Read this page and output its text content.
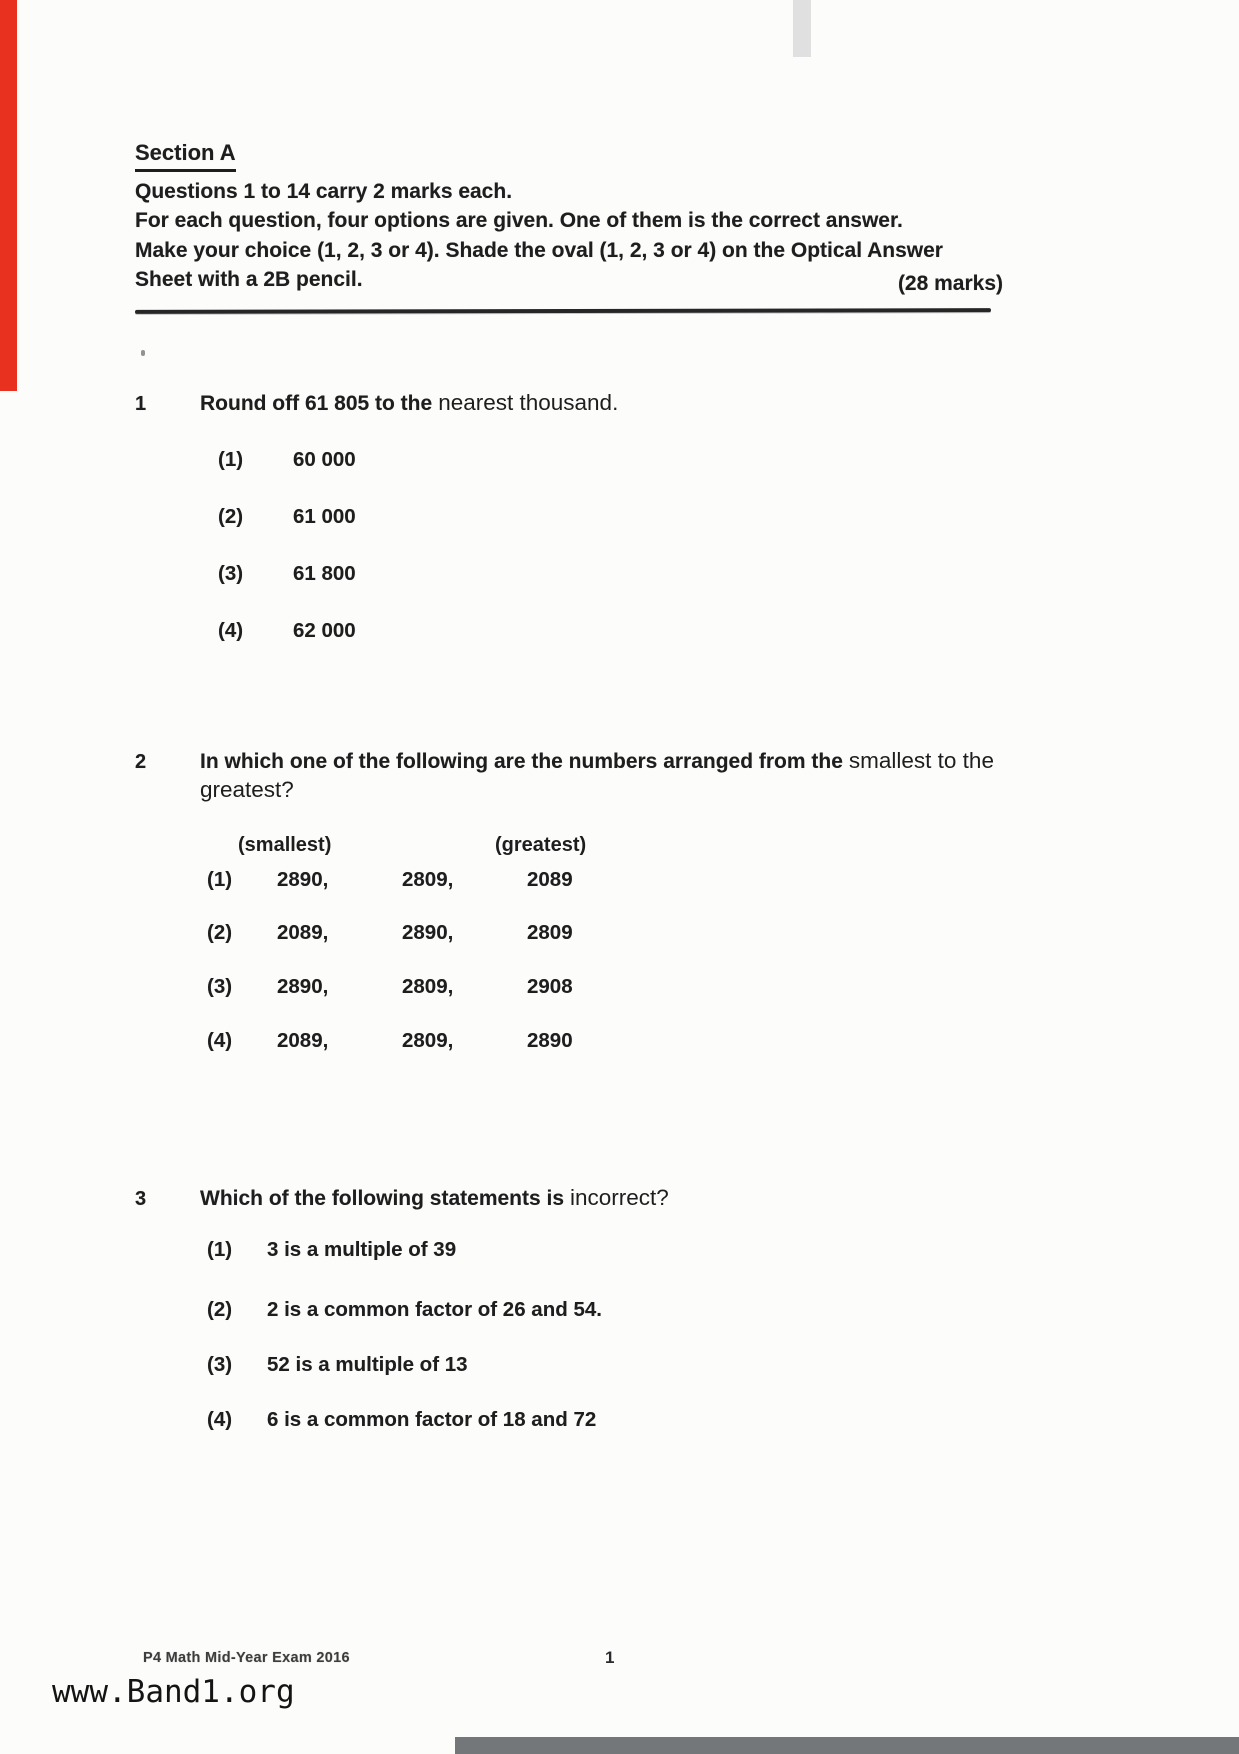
Section A
Questions 1 to 14 carry 2 marks each.
For each question, four options are given. One of them is the correct answer.
Make your choice (1, 2, 3 or 4). Shade the oval (1, 2, 3 or 4) on the Optical Answer
Sheet with a 2B pencil.	(28 marks)
1	Round off 61 805 to the nearest thousand.
(1) 60 000
(2) 61 000
(3) 61 800
(4) 62 000
2	In which one of the following are the numbers arranged from the smallest to the
greatest?
(smallest)	(greatest)
(1) 2890,	2809,	2089
(2) 2089,	2890,	2809
(3) 2890,	2809,	2908
(4) 2089,	2809,	2890
3	Which of the following statements is incorrect?
(1) 3 is a multiple of 39
(2) 2 is a common factor of 26 and 54.
(3) 52 is a multiple of 13
(4) 6 is a common factor of 18 and 72
P4 Math Mid-Year Exam 2016	1
www.Band1.org
